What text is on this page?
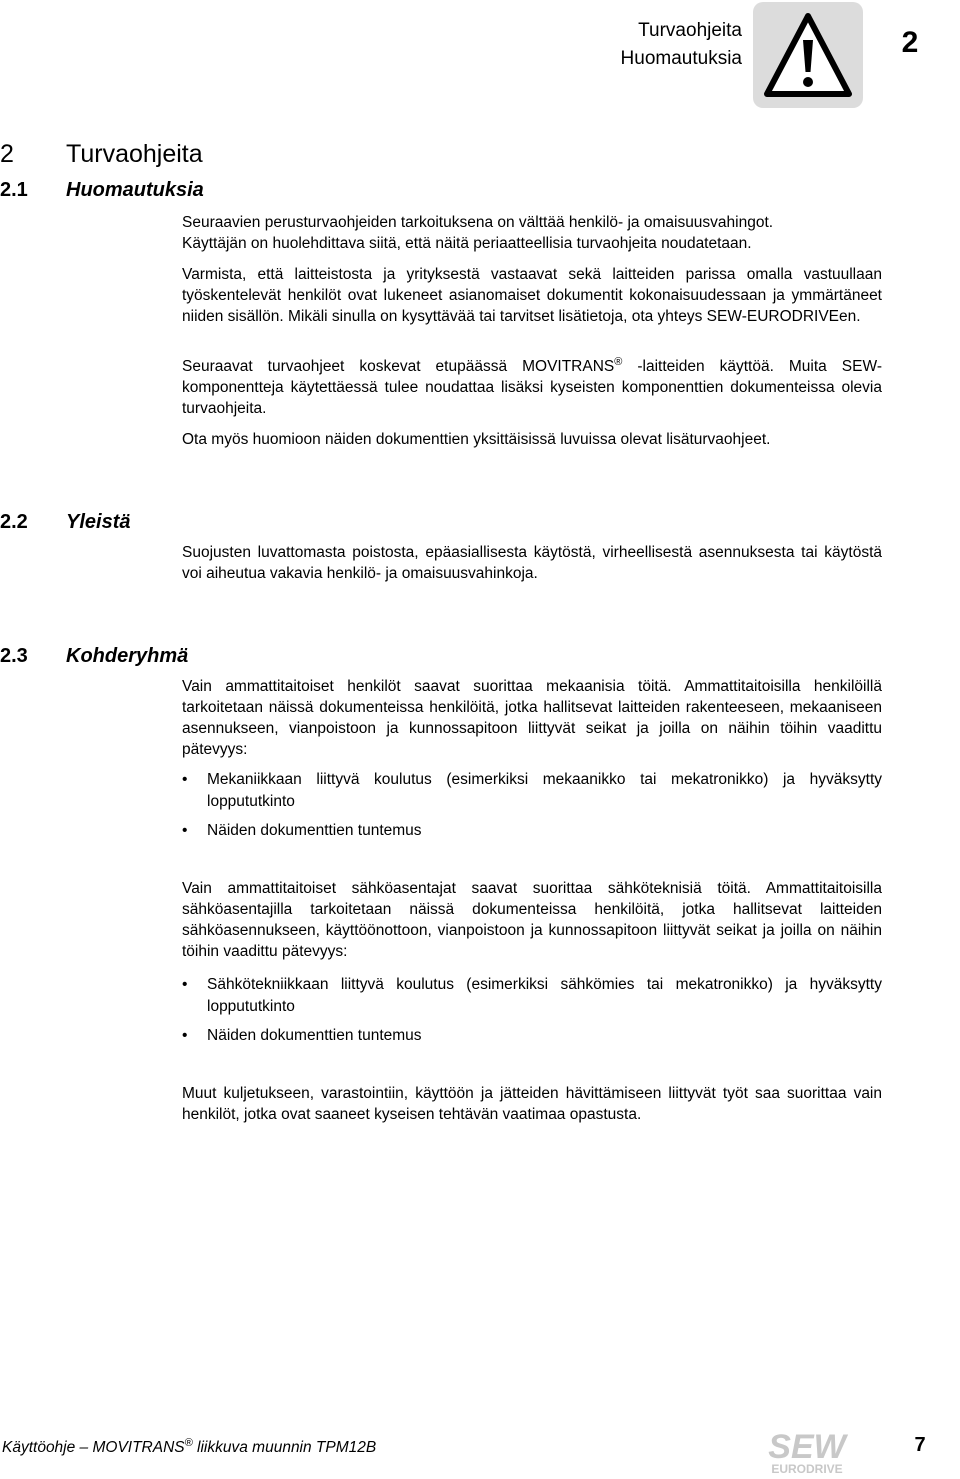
Turvaohjeita
Huomautuksia	2
2 Turvaohjeita
2.1 Huomautuksia

Seuraavien perusturvaohjeiden tarkoituksena on välttää henkilö- ja omaisuusvahingot.
Käyttäjän on huolehdittava siitä, että näitä periaatteellisia turvaohjeita noudatetaan.

Varmista, että laitteistosta ja yrityksestä vastaavat sekä laitteiden parissa omalla vastuullaan työskentelevät henkilöt ovat lukeneet asianomaiset dokumentit kokonaisuudessaan ja ymmärtäneet niiden sisällön. Mikäli sinulla on kysyttävää tai tarvitset lisätietoja, ota yhteys SEW-EURODRIVEen.

Seuraavat turvaohjeet koskevat etupäässä MOVITRANS® -laitteiden käyttöä. Muita SEW-komponentteja käytettäessä tulee noudattaa lisäksi kyseisten komponenttien dokumenteissa olevia turvaohjeita.

Ota myös huomioon näiden dokumenttien yksittäisissä luvuissa olevat lisäturvaohjeet.

2.2 Yleistä

Suojusten luvattomasta poistosta, epäasiallisesta käytöstä, virheellisestä asennuksesta tai käytöstä voi aiheutua vakavia henkilö- ja omaisuusvahinkoja.

2.3 Kohderyhmä

Vain ammattitaitoiset henkilöt saavat suorittaa mekaanisia töitä. Ammattitaitoisilla henkilöillä tarkoitetaan näissä dokumenteissa henkilöitä, jotka hallitsevat laitteiden rakenteeseen, mekaaniseen asennukseen, vianpoistoon ja kunnossapitoon liittyvät seikat ja joilla on näihin töihin vaadittu pätevyys:

•	Mekaniikkaan liittyvä koulutus (esimerkiksi mekaanikko tai mekatronikko) ja hyväksytty loppututkinto
•	Näiden dokumenttien tuntemus

Vain ammattitaitoiset sähköasentajat saavat suorittaa sähköteknisiä töitä. Ammattitaitoisilla sähköasentajilla tarkoitetaan näissä dokumenteissa henkilöitä, jotka hallitsevat laitteiden sähköasennukseen, käyttöönottoon, vianpoistoon ja kunnossapitoon liittyvät seikat ja joilla on näihin töihin vaadittu pätevyys:

•	Sähkötekniikkaan liittyvä koulutus (esimerkiksi sähkömies tai mekatronikko) ja hyväksytty loppututkinto
•	Näiden dokumenttien tuntemus

Muut kuljetukseen, varastointiin, käyttöön ja jätteiden hävittämiseen liittyvät työt saa suorittaa vain henkilöt, jotka ovat saaneet kyseisen tehtävän vaatimaa opastusta.

Käyttöohje – MOVITRANS® liikkuva muunnin TPM12B	SEW
EURODRIVE
7
